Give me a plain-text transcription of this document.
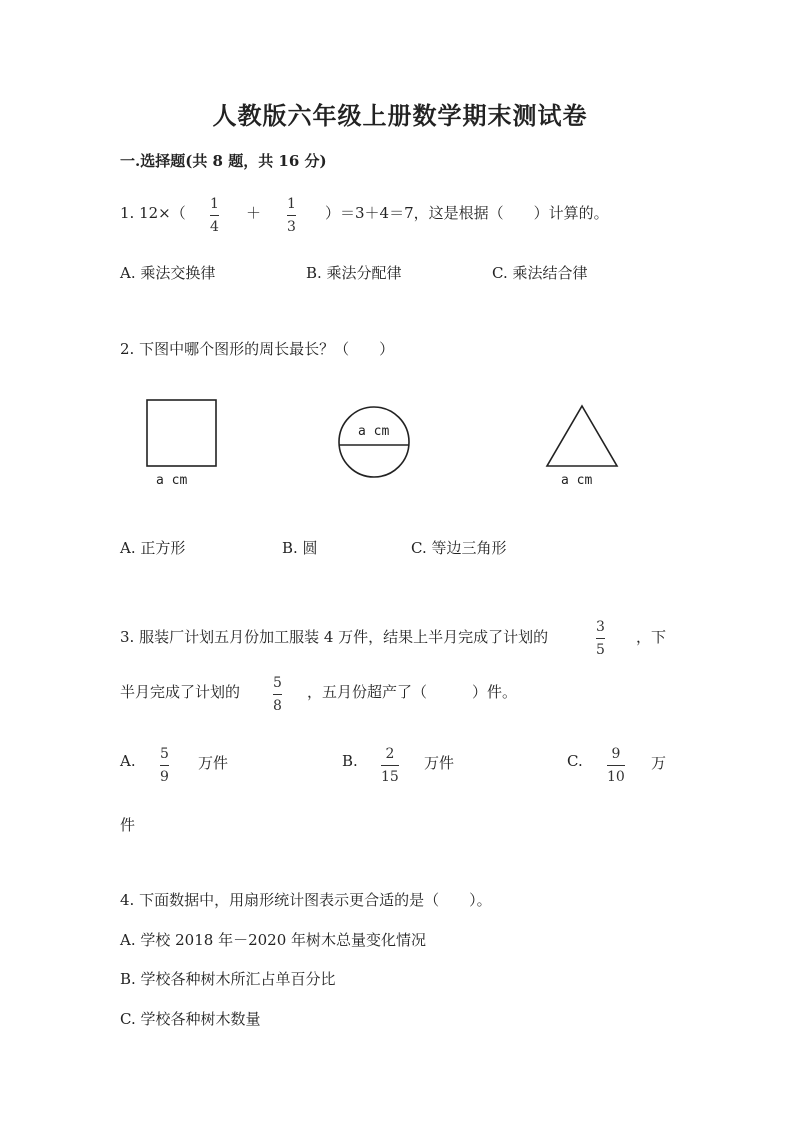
人教版六年级上册数学期末测试卷
一.选择题(共 8 题，共 16 分)
1. 12×（ 1
4
＋ 1
3
）＝3＋4＝7，这是根据（　　）计算的。
A. 乘法交换律	B. 乘法分配律	C. 乘法结合律
2. 下图中哪个图形的周长最长？（　　）
a cm
a cm
a cm
A. 正方形	B. 圆	C. 等边三角形
3. 服装厂计划五月份加工服装 4 万件，结果上半月完成了计划的
3
5
，下
半月完成了计划的 5
8
，五月份超产了（　　　）件。
A. 5
9
万件	B. 2
15
万件	C. 9
10
万
件
4. 下面数据中，用扇形统计图表示更合适的是（　　）。
A. 学校 2018 年－2020 年树木总量变化情况
B. 学校各种树木所汇占单百分比
C. 学校各种树木数量
